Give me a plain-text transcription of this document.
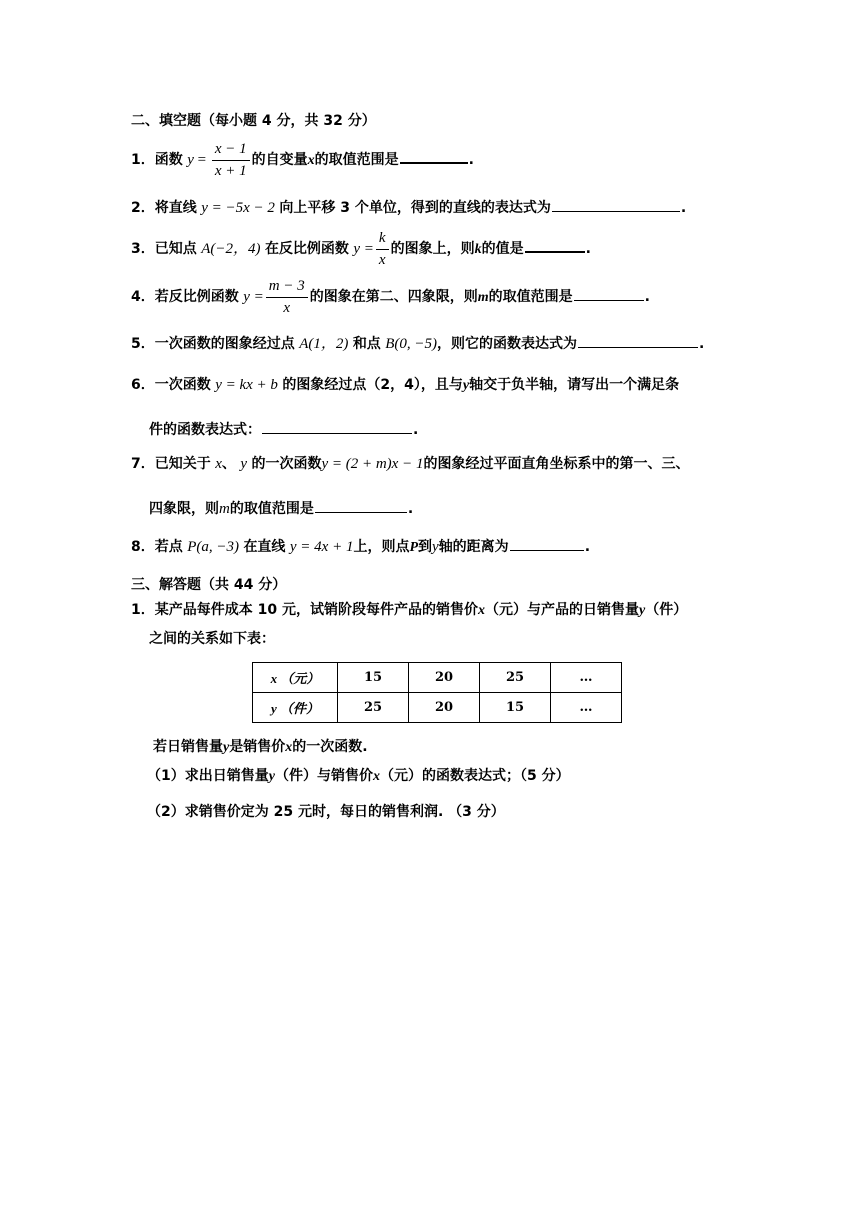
二、填空题（每小题 4 分，共 32 分）
1．函数 $y = \frac{x - 1}{x + 1}$ 的自变量x的取值范围是	.
2．将直线 y = −5x − 2 向上平移 3 个单位，得到的直线的表达式为	.
3．已知点 A(−2，4) 在反比例函数 $y = \frac{k}{x}$ 的图象上，则k的值是	.
4．若反比例函数 $y = \frac{m - 3}{x}$ 的图象在第二、四象限，则m的取值范围是	.
5．一次函数的图象经过点 A(1，2) 和点 B(0, −5)，则它的函数表达式为	.
6．一次函数 y = kx + b 的图象经过点（2，4），且与y轴交于负半轴，请写出一个满足条
件的函数表达式：	.
7．已知关于 x、 y 的一次函数y = (2 + m)x − 1的图象经过平面直角坐标系中的第一、三、
四象限，则m的取值范围是	.
8．若点 P(a, −3) 在直线 y = 4x + 1上，则点P到y轴的距离为	.
三、解答题（共 44 分）
1．某产品每件成本 10 元，试销阶段每件产品的销售价x（元）与产品的日销售量y（件）
之间的关系如下表：
x （元）	15	20	25	…
y （件）	25	20	15	…
若日销售量y是销售价x的一次函数.
（1）求出日销售量y（件）与销售价x（元）的函数表达式；（5 分）
（2）求销售价定为 25 元时，每日的销售利润. （3 分）
